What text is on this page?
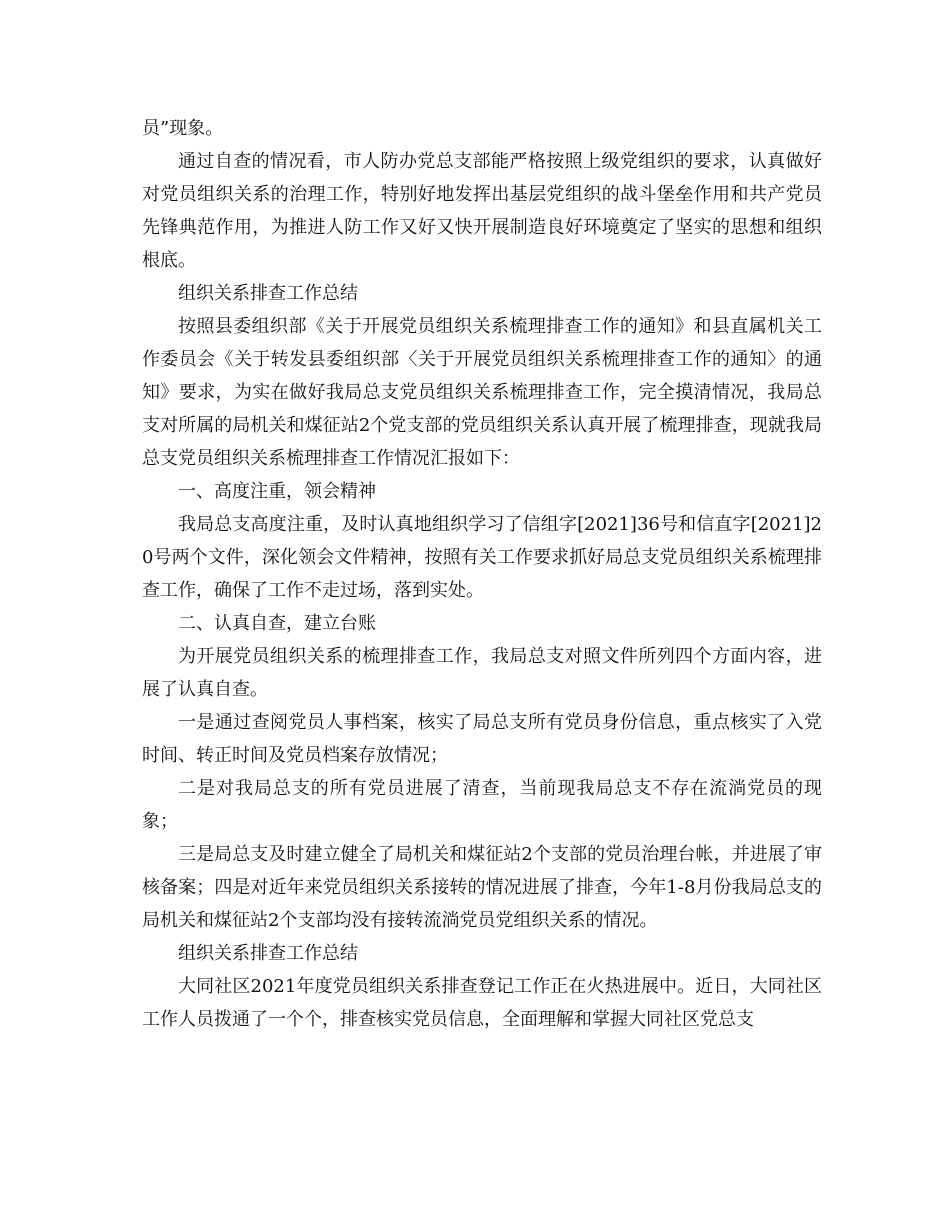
员”现象。

通过自查的情况看，市人防办党总支部能严格按照上级党组织的要求，认真做好对党员组织关系的治理工作，特别好地发挥出基层党组织的战斗堡垒作用和共产党员先锋典范作用，为推进人防工作又好又快开展制造良好环境奠定了坚实的思想和组织根底。

组织关系排查工作总结

按照县委组织部《关于开展党员组织关系梳理排查工作的通知》和县直属机关工作委员会《关于转发县委组织部〈关于开展党员组织关系梳理排查工作的通知〉的通知》要求，为实在做好我局总支党员组织关系梳理排查工作，完全摸清情况，我局总支对所属的局机关和煤征站2个党支部的党员组织关系认真开展了梳理排查，现就我局总支党员组织关系梳理排查工作情况汇报如下：

一、高度注重，领会精神

我局总支高度注重，及时认真地组织学习了信组字[2021]36号和信直字[2021]20号两个文件，深化领会文件精神，按照有关工作要求抓好局总支党员组织关系梳理排查工作，确保了工作不走过场，落到实处。

二、认真自查，建立台账

为开展党员组织关系的梳理排查工作，我局总支对照文件所列四个方面内容，进展了认真自查。

一是通过查阅党员人事档案，核实了局总支所有党员身份信息，重点核实了入党时间、转正时间及党员档案存放情况；

二是对我局总支的所有党员进展了清查，当前现我局总支不存在流淌党员的现象；

三是局总支及时建立健全了局机关和煤征站2个支部的党员治理台帐，并进展了审核备案；四是对近年来党员组织关系接转的情况进展了排查，今年1-8月份我局总支的局机关和煤征站2个支部均没有接转流淌党员党组织关系的情况。

组织关系排查工作总结

大同社区2021年度党员组织关系排查登记工作正在火热进展中。近日，大同社区工作人员拨通了一个个，排查核实党员信息，全面理解和掌握大同社区党总支
